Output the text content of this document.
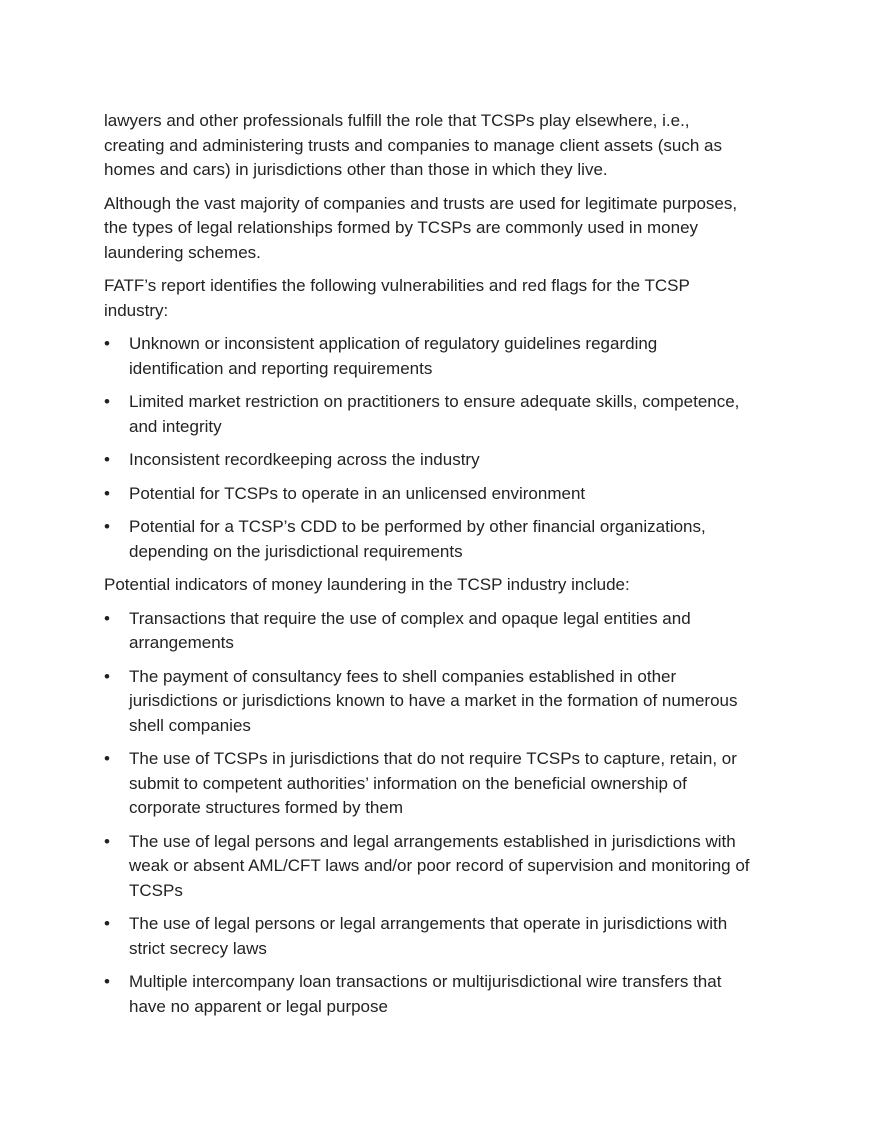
lawyers and other professionals fulfill the role that TCSPs play elsewhere, i.e., creating and administering trusts and companies to manage client assets (such as homes and cars) in jurisdictions other than those in which they live.

Although the vast majority of companies and trusts are used for legitimate purposes, the types of legal relationships formed by TCSPs are commonly used in money laundering schemes.

FATF’s report identifies the following vulnerabilities and red flags for the TCSP industry:

• Unknown or inconsistent application of regulatory guidelines regarding identification and reporting requirements
• Limited market restriction on practitioners to ensure adequate skills, competence, and integrity
• Inconsistent recordkeeping across the industry
• Potential for TCSPs to operate in an unlicensed environment
• Potential for a TCSP’s CDD to be performed by other financial organizations, depending on the jurisdictional requirements

Potential indicators of money laundering in the TCSP industry include:

• Transactions that require the use of complex and opaque legal entities and arrangements
• The payment of consultancy fees to shell companies established in other jurisdictions or jurisdictions known to have a market in the formation of numerous shell companies
• The use of TCSPs in jurisdictions that do not require TCSPs to capture, retain, or submit to competent authorities’ information on the beneficial ownership of corporate structures formed by them
• The use of legal persons and legal arrangements established in jurisdictions with weak or absent AML/CFT laws and/or poor record of supervision and monitoring of TCSPs
• The use of legal persons or legal arrangements that operate in jurisdictions with strict secrecy laws
• Multiple intercompany loan transactions or multijurisdictional wire transfers that have no apparent or legal purpose
